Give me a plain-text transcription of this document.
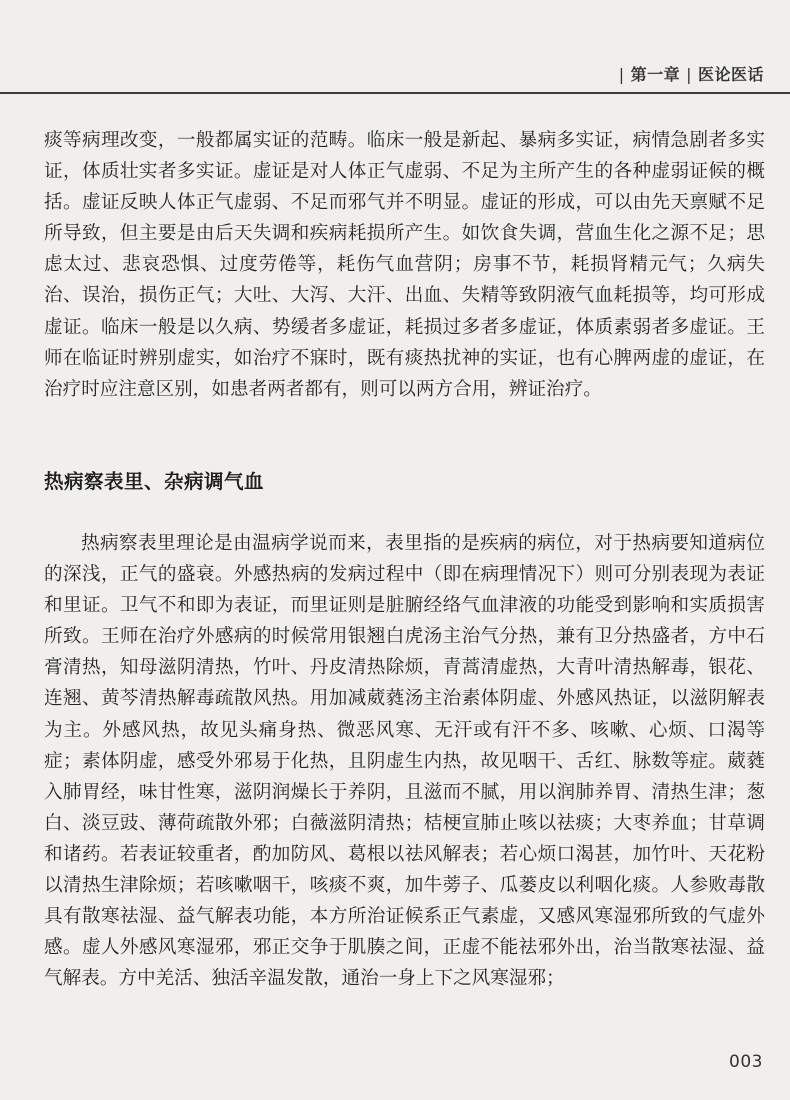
| 第一章 | 医论医话

痰等病理改变，一般都属实证的范畴。临床一般是新起、暴病多实证，病情急剧者多实证，体质壮实者多实证。虚证是对人体正气虚弱、不足为主所产生的各种虚弱证候的概括。虚证反映人体正气虚弱、不足而邪气并不明显。虚证的形成，可以由先天禀赋不足所导致，但主要是由后天失调和疾病耗损所产生。如饮食失调，营血生化之源不足；思虑太过、悲哀恐惧、过度劳倦等，耗伤气血营阴；房事不节，耗损肾精元气；久病失治、误治，损伤正气；大吐、大泻、大汗、出血、失精等致阴液气血耗损等，均可形成虚证。临床一般是以久病、势缓者多虚证，耗损过多者多虚证，体质素弱者多虚证。王师在临证时辨别虚实，如治疗不寐时，既有痰热扰神的实证，也有心脾两虚的虚证，在治疗时应注意区别，如患者两者都有，则可以两方合用，辨证治疗。

热病察表里、杂病调气血

热病察表里理论是由温病学说而来，表里指的是疾病的病位，对于热病要知道病位的深浅，正气的盛衰。外感热病的发病过程中（即在病理情况下）则可分别表现为表证和里证。卫气不和即为表证，而里证则是脏腑经络气血津液的功能受到影响和实质损害所致。王师在治疗外感病的时候常用银翘白虎汤主治气分热，兼有卫分热盛者，方中石膏清热，知母滋阴清热，竹叶、丹皮清热除烦，青蒿清虚热，大青叶清热解毒，银花、连翘、黄芩清热解毒疏散风热。用加减葳蕤汤主治素体阴虚、外感风热证，以滋阴解表为主。外感风热，故见头痛身热、微恶风寒、无汗或有汗不多、咳嗽、心烦、口渴等症；素体阴虚，感受外邪易于化热，且阴虚生内热，故见咽干、舌红、脉数等症。葳蕤入肺胃经，味甘性寒，滋阴润燥长于养阴，且滋而不腻，用以润肺养胃、清热生津；葱白、淡豆豉、薄荷疏散外邪；白薇滋阴清热；桔梗宣肺止咳以祛痰；大枣养血；甘草调和诸药。若表证较重者，酌加防风、葛根以祛风解表；若心烦口渴甚，加竹叶、天花粉以清热生津除烦；若咳嗽咽干，咳痰不爽，加牛蒡子、瓜蒌皮以利咽化痰。人参败毒散具有散寒祛湿、益气解表功能，本方所治证候系正气素虚，又感风寒湿邪所致的气虚外感。虚人外感风寒湿邪，邪正交争于肌腠之间，正虚不能祛邪外出，治当散寒祛湿、益气解表。方中羌活、独活辛温发散，通治一身上下之风寒湿邪；

003
